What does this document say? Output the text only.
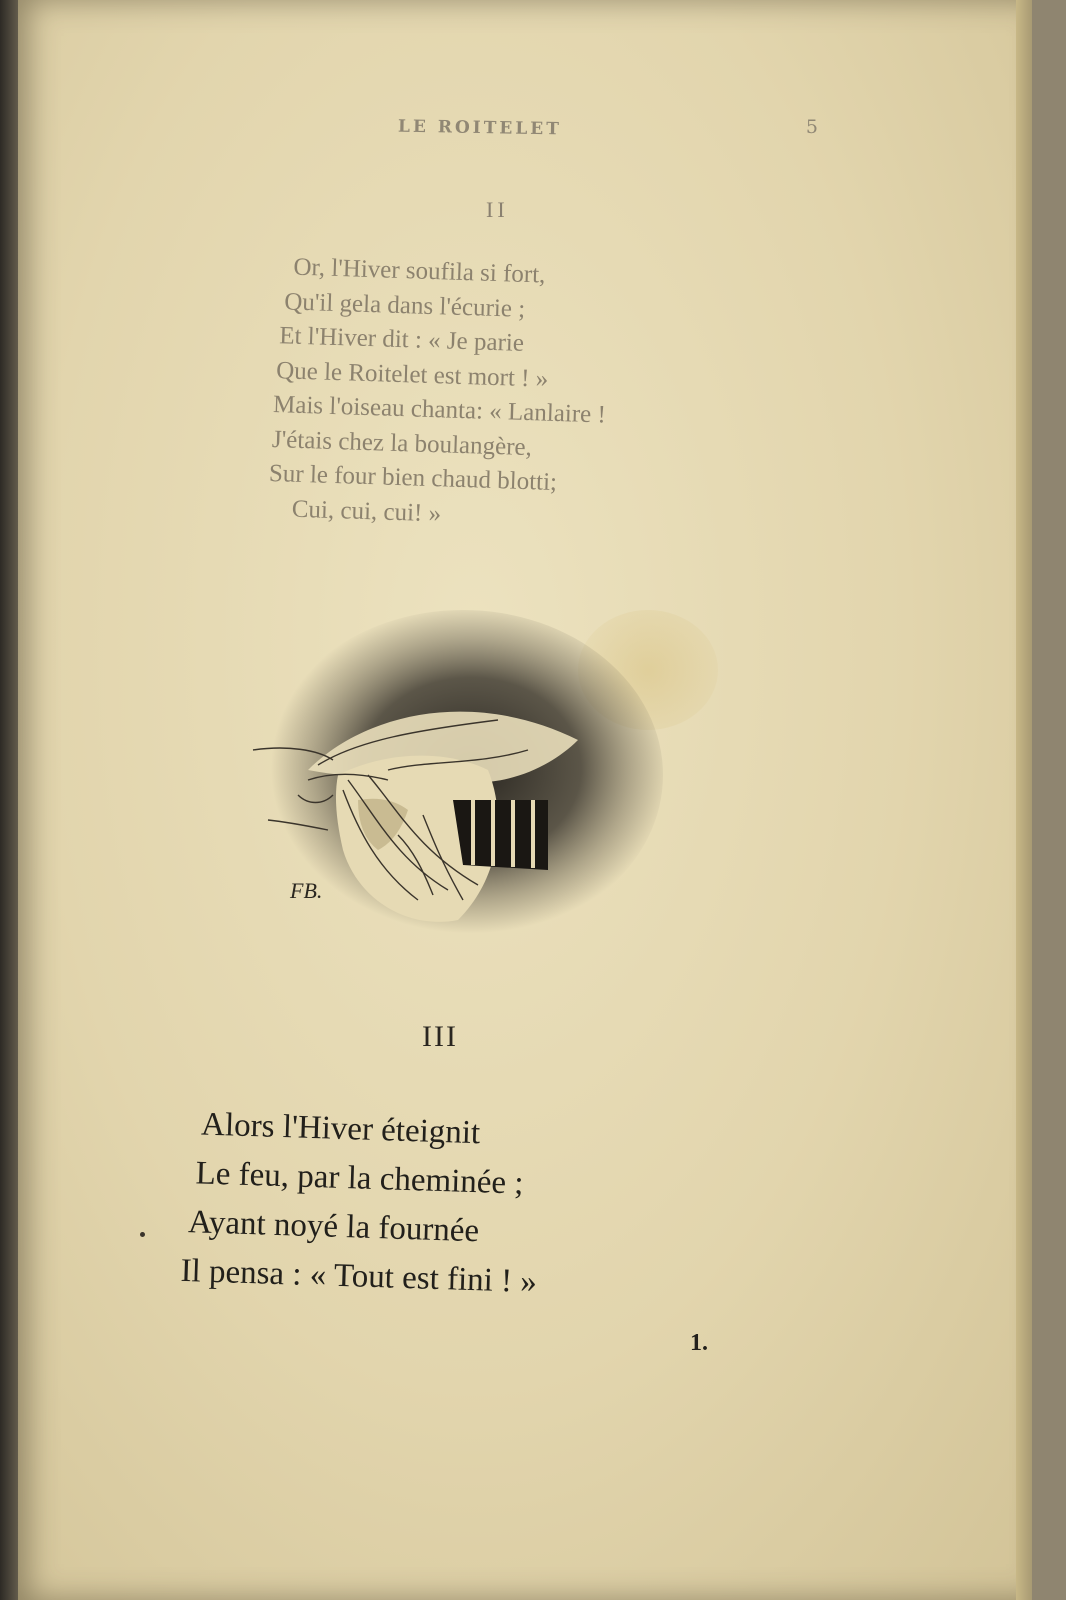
LE ROITELET	5
II
Or, l'Hiver soufila si fort,
Qu'il gela dans l'écurie ;
Et l'Hiver dit : « Je parie
Que le Roitelet est mort ! »
Mais l'oiseau chanta: « Lanlaire !
J'étais chez la boulangère,
Sur le four bien chaud blotti;
Cui, cui, cui! »
FB.
III
Alors l'Hiver éteignit
Le feu, par la cheminée ;
Ayant noyé la fournée
Il pensa : « Tout est fini ! »
1.
